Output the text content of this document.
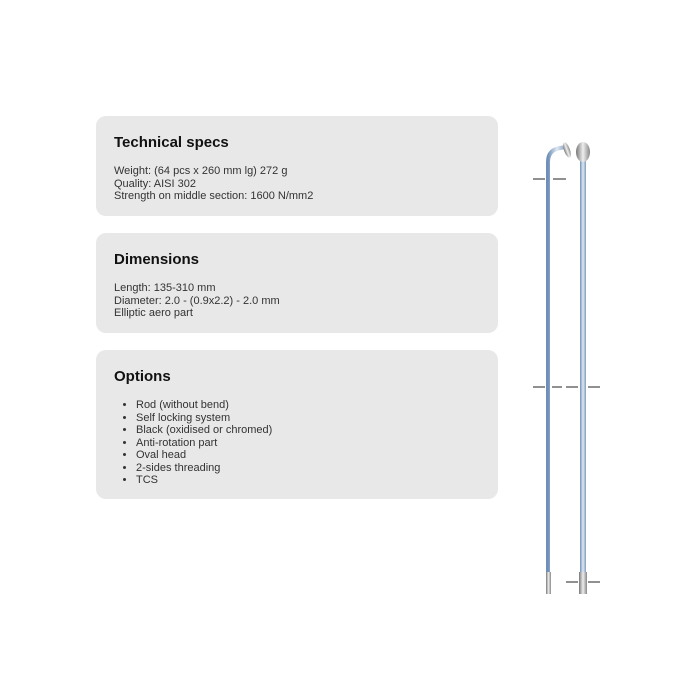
Technical specs
Weight: (64 pcs x 260 mm lg) 272 g
Quality: AISI 302
Strength on middle section: 1600 N/mm2
Dimensions
Length: 135-310 mm
Diameter: 2.0 - (0.9x2.2) - 2.0 mm
Elliptic aero part
Options
• Rod (without bend)
• Self locking system
• Black (oxidised or chromed)
• Anti-rotation part
• Oval head
• 2-sides threading
• TCS
